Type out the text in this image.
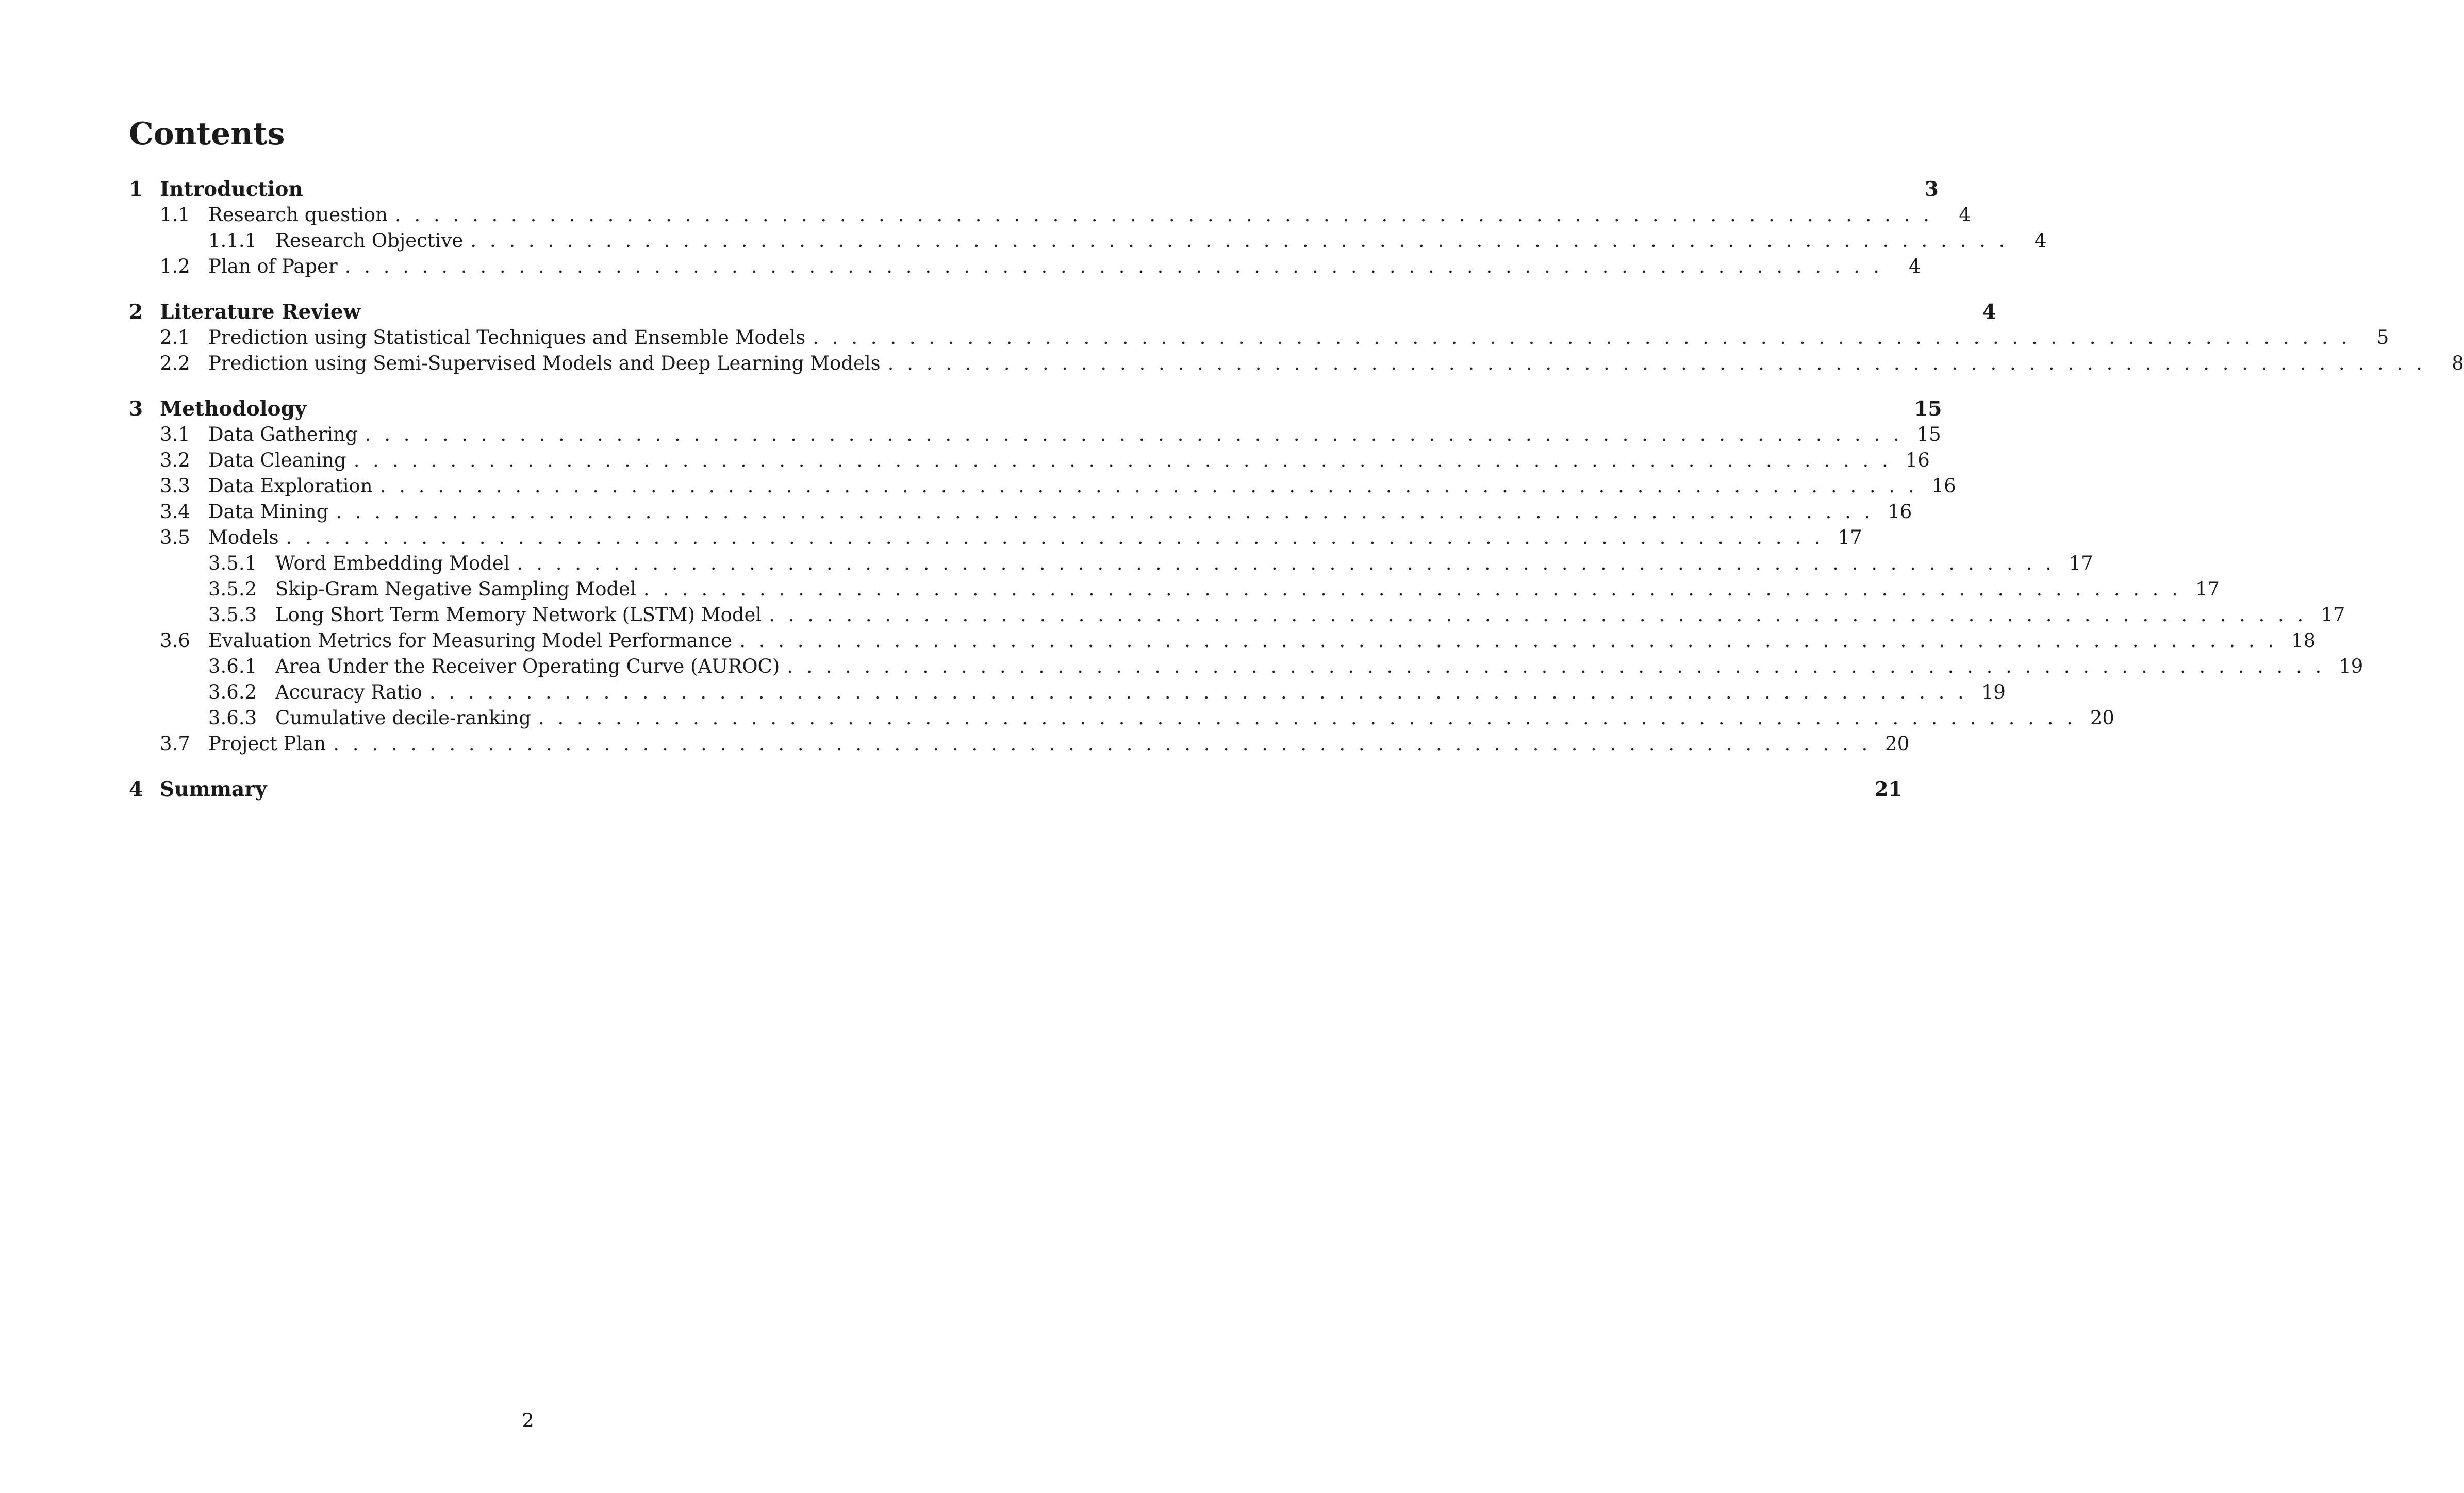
Contents
1 Introduction	3
1.1 Research question . . . . . . . . . . . . . . . . . . . . . . . . . . . . . . . . . . . . . . . . . . . . . . . . . . . . . . . . . . . . . . . . . . . . . . . . . . . . . . . .	4
1.1.1 Research Objective . . . . . . . . . . . . . . . . . . . . . . . . . . . . . . . . . . . . . . . . . . . . . . . . . . . . . . . . . . . . . . . . . . . . . . . . . . . . . . . .	4
1.2 Plan of Paper . . . . . . . . . . . . . . . . . . . . . . . . . . . . . . . . . . . . . . . . . . . . . . . . . . . . . . . . . . . . . . . . . . . . . . . . . . . . . . . .	4
2 Literature Review	4
2.1 Prediction using Statistical Techniques and Ensemble Models . . . . . . . . . . . . . . . . . . . . . . . . . . . . . . . . . . . . . . . . . . . . . . . . . . . . . . . . . . . . . . . . . . . . . . . . . . . . . . . .	5
2.2 Prediction using Semi-Supervised Models and Deep Learning Models . . . . . . . . . . . . . . . . . . . . . . . . . . . . . . . . . . . . . . . . . . . . . . . . . . . . . . . . . . . . . . . . . . . . . . . . . . . . . . . .	8
3 Methodology	15
3.1 Data Gathering . . . . . . . . . . . . . . . . . . . . . . . . . . . . . . . . . . . . . . . . . . . . . . . . . . . . . . . . . . . . . . . . . . . . . . . . . . . . . . . . 15
3.2 Data Cleaning . . . . . . . . . . . . . . . . . . . . . . . . . . . . . . . . . . . . . . . . . . . . . . . . . . . . . . . . . . . . . . . . . . . . . . . . . . . . . . . . 16
3.3 Data Exploration . . . . . . . . . . . . . . . . . . . . . . . . . . . . . . . . . . . . . . . . . . . . . . . . . . . . . . . . . . . . . . . . . . . . . . . . . . . . . . . . 16
3.4 Data Mining . . . . . . . . . . . . . . . . . . . . . . . . . . . . . . . . . . . . . . . . . . . . . . . . . . . . . . . . . . . . . . . . . . . . . . . . . . . . . . . . 16
3.5 Models . . . . . . . . . . . . . . . . . . . . . . . . . . . . . . . . . . . . . . . . . . . . . . . . . . . . . . . . . . . . . . . . . . . . . . . . . . . . . . . . 17
3.5.1 Word Embedding Model . . . . . . . . . . . . . . . . . . . . . . . . . . . . . . . . . . . . . . . . . . . . . . . . . . . . . . . . . . . . . . . . . . . . . . . . . . . . . . . . 17
3.5.2 Skip-Gram Negative Sampling Model . . . . . . . . . . . . . . . . . . . . . . . . . . . . . . . . . . . . . . . . . . . . . . . . . . . . . . . . . . . . . . . . . . . . . . . . . . . . . . . . 17
3.5.3 Long Short Term Memory Network (LSTM) Model . . . . . . . . . . . . . . . . . . . . . . . . . . . . . . . . . . . . . . . . . . . . . . . . . . . . . . . . . . . . . . . . . . . . . . . . . . . . . . . . 17
3.6 Evaluation Metrics for Measuring Model Performance . . . . . . . . . . . . . . . . . . . . . . . . . . . . . . . . . . . . . . . . . . . . . . . . . . . . . . . . . . . . . . . . . . . . . . . . . . . . . . . . 18
3.6.1 Area Under the Receiver Operating Curve (AUROC) . . . . . . . . . . . . . . . . . . . . . . . . . . . . . . . . . . . . . . . . . . . . . . . . . . . . . . . . . . . . . . . . . . . . . . . . . . . . . . . . 19
3.6.2 Accuracy Ratio . . . . . . . . . . . . . . . . . . . . . . . . . . . . . . . . . . . . . . . . . . . . . . . . . . . . . . . . . . . . . . . . . . . . . . . . . . . . . . . . 19
3.6.3 Cumulative decile-ranking . . . . . . . . . . . . . . . . . . . . . . . . . . . . . . . . . . . . . . . . . . . . . . . . . . . . . . . . . . . . . . . . . . . . . . . . . . . . . . . . 20
3.7 Project Plan . . . . . . . . . . . . . . . . . . . . . . . . . . . . . . . . . . . . . . . . . . . . . . . . . . . . . . . . . . . . . . . . . . . . . . . . . . . . . . . . 20
4 Summary	21
2
